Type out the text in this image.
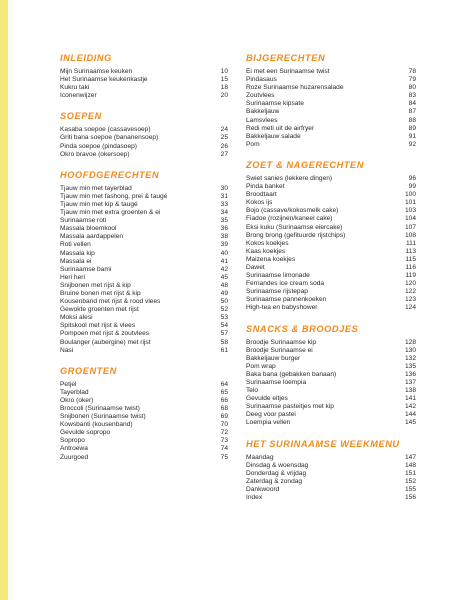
INLEIDING
Mijn Surinaamse keuken	10
Het Surinaamse keukenkastje	15
Kukru taki	18
Iconenwijzer	20
SOEPEN
Kasaba soepoe (cassavesoep)	24
Griti bana soepoe (bananensoep)	25
Pinda soepoe (pindasoep)	26
Okro bravoe (okersoep)	27
HOOFDGERECHTEN
Tjauw min met tayerblad	30
Tjauw min met fashong, prei & taugé	31
Tjauw min met kip & taugé	33
Tjauw min met extra groenten & ei	34
Surinaamse roti	35
Massala bloemkool	36
Massala aardappelen	38
Roti vellen	39
Massala kip	40
Massala ei	41
Surinaamse bami	42
Heri heri	45
Snijbonen met rijst & kip	48
Bruine bonen met rijst & kip	49
Kousenband met rijst & rood vlees	50
Gewokte groenten met rijst	52
Moksi alesi	53
Spitskool met rijst & vlees	54
Pompoen met rijst & zoutvlees	57
Boulanger (aubergine) met rijst	58
Nasi	61
GROENTEN
Petjel	64
Tayerblad	65
Okro (oker)	66
Broccoli (Surinaamse twist)	68
Snijbonen (Surinaamse twist)	69
Kowsbanti (kousenband)	70
Gevulde sopropo	72
Sopropo	73
Antroewa	74
Zuurgoed	75
BIJGERECHTEN
Ei met een Surinaamse twist	78
Pindasaus	79
Roze Surinaamse huzarensalade	80
Zoutvlees	83
Surinaamse kipsate	84
Bakkeljauw	87
Lamsvlees	88
Redi meti uit de airfryer	89
Bakkeljauw salade	91
Pom	92
ZOET & NAGERECHTEN
Swiet sanies (lekkere dingen)	96
Pinda banket	99
Broodtaart	100
Kokos ijs	101
Bojo (cassave/kokosmelk cake)	103
Fiadoe (rozijnen/kaneel cake)	104
Eksi kuku (Surinaamse eiercake)	107
Brong brong (gefituurde rijstchips)	108
Kokos koekjes	111
Kaas koekjes	113
Maizena koekjes	115
Dawet	116
Surinaamse limonade	119
Fernandes ice cream soda	120
Surinaamse rijstepap	122
Surinaamse pannenkoeken	123
High-tea en babyshower	124
SNACKS & BROODJES
Broodje Surinaamse kip	128
Broodje Surinaamse ei	130
Bakkeljauw burger	132
Pom wrap	135
Baka bana (gebakken banaan)	136
Surinaamse loempia	137
Telo	138
Gevulde eitjes	141
Surinaamse pasteitjes met kip	142
Deeg voor pastei	144
Loempia vellen	145
HET SURINAAMSE WEEKMENU
Maandag	147
Dinsdag & woensdag	148
Donderdag & vrijdag	151
Zaterdag & zondag	152
Dankwoord	155
Index	156
